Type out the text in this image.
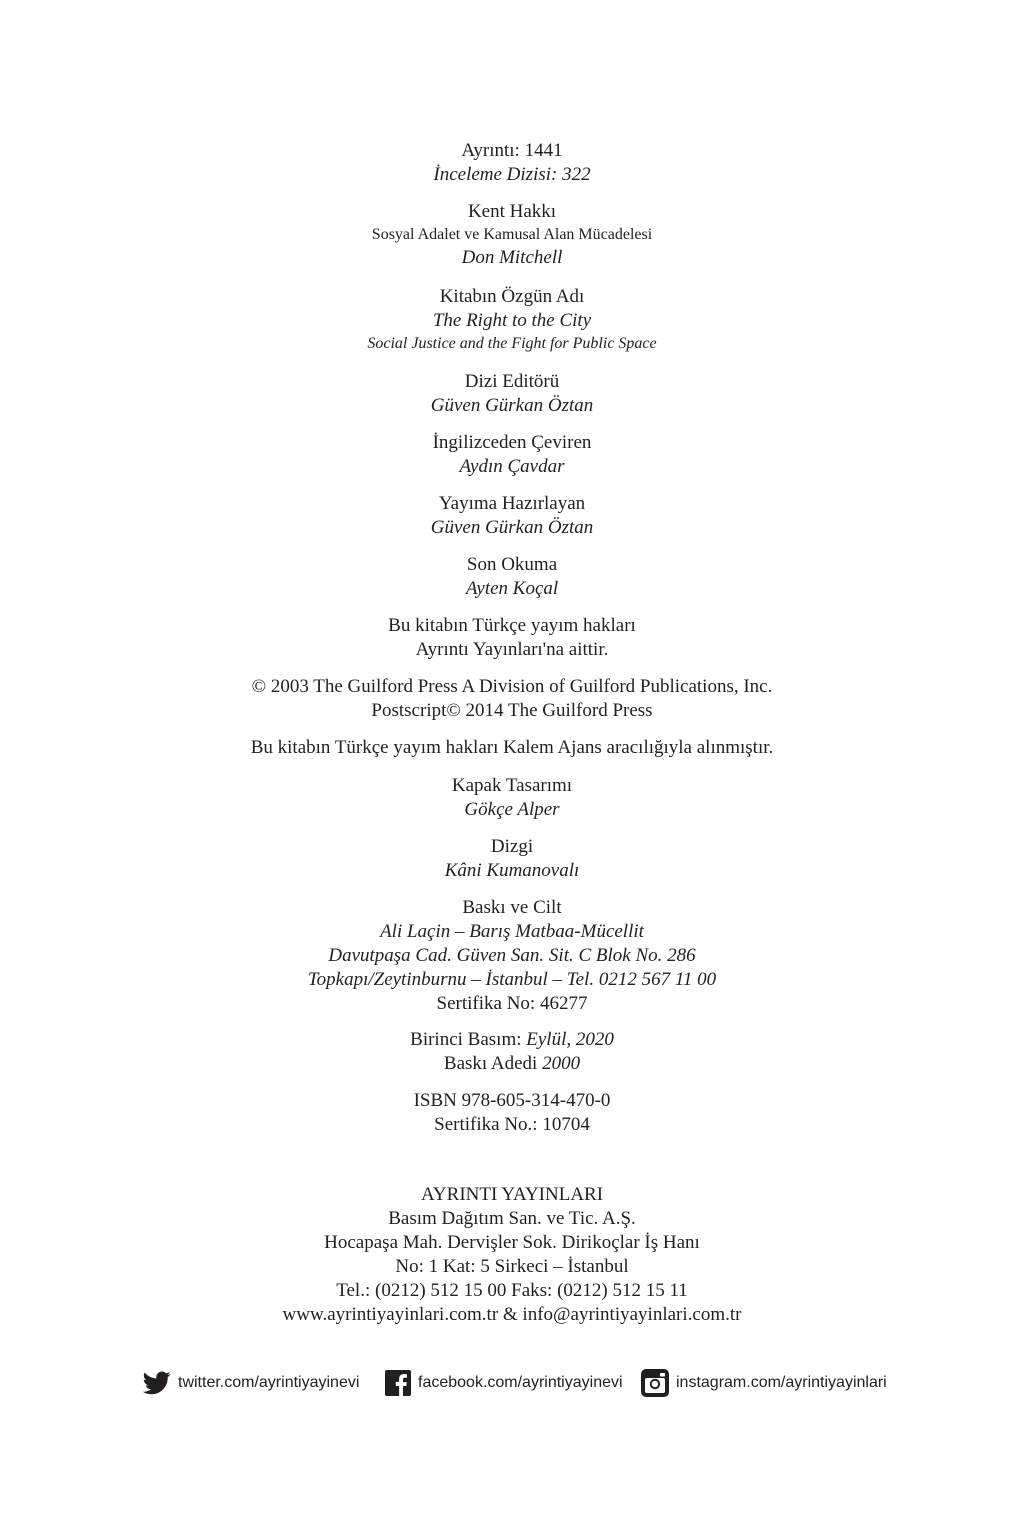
Ayrıntı: 1441
İnceleme Dizisi: 322
Kent Hakkı
Sosyal Adalet ve Kamusal Alan Mücadelesi
Don Mitchell
Kitabın Özgün Adı
The Right to the City
Social Justice and the Fight for Public Space
Dizi Editörü
Güven Gürkan Öztan
İngilizceden Çeviren
Aydın Çavdar
Yayıma Hazırlayan
Güven Gürkan Öztan
Son Okuma
Ayten Koçal
Bu kitabın Türkçe yayım hakları
Ayrıntı Yayınları'na aittir.
© 2003 The Guilford Press A Division of Guilford Publications, Inc.
Postscript© 2014 The Guilford Press
Bu kitabın Türkçe yayım hakları Kalem Ajans aracılığıyla alınmıştır.
Kapak Tasarımı
Gökçe Alper
Dizgi
Kâni Kumanovalı
Baskı ve Cilt
Ali Laçin – Barış Matbaa-Mücellit
Davutpaşa Cad. Güven San. Sit. C Blok No. 286
Topkapı/Zeytinburnu – İstanbul – Tel. 0212 567 11 00
Sertifika No: 46277
Birinci Basım: Eylül, 2020
Baskı Adedi 2000
ISBN 978-605-314-470-0
Sertifika No.: 10704
AYRINTI YAYINLARI
Basım Dağıtım San. ve Tic. A.Ş.
Hocapaşa Mah. Dervişler Sok. Dirikoçlar İş Hanı
No: 1 Kat: 5 Sirkeci – İstanbul
Tel.: (0212) 512 15 00 Faks: (0212) 512 15 11
www.ayrintiyayinlari.com.tr & info@ayrintiyayinlari.com.tr
twitter.com/ayrintiyayinevi	facebook.com/ayrintiyayinevi	instagram.com/ayrintiyayinlari
